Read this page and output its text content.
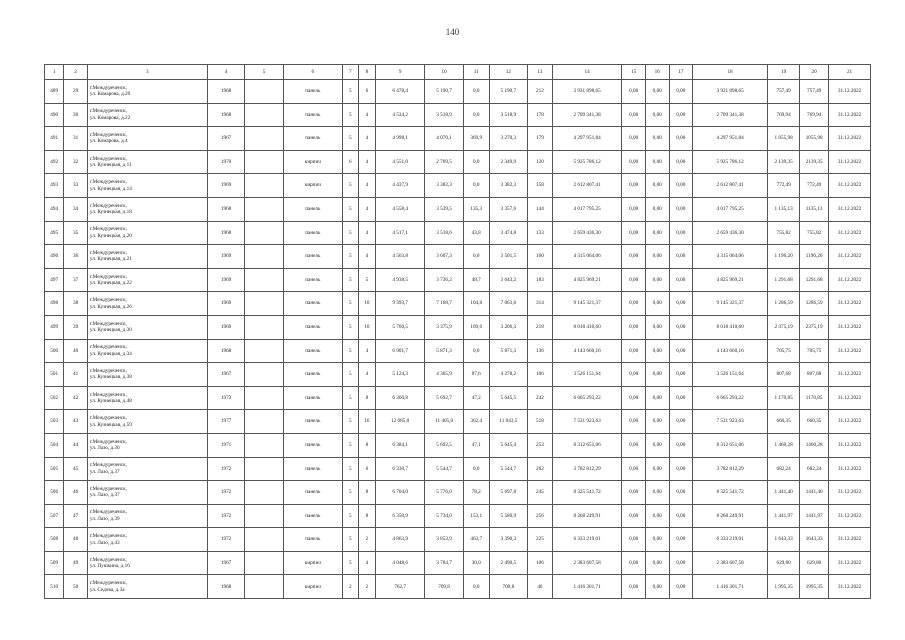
140
1	2	3	4	5	6	7	8	9	10	11	12	13	14	15	16	17	18	19	20	21
489	29	г.Междуреченск,
ул. Комарова, д.20	1968		панель	5	6	6 478,4	5 190,7	0,0	5 190,7	212	3 931 898,65	0,00	0,00	0,00	3 931 898,65	757,49	757,49	31.12.2022
490	30	г.Междуреченск,
ул. Комарова, д.22	1968		панель	5	4	4 534,2	3 518,9	0,0	3 518,9	178	2 709 341,38	0,00	0,00	0,00	2 709 341,38	769,94	769,94	31.12.2022
491	31	г.Междуреченск,
ул. Комарова, д.4	1967		панель	5	4	4 998,1	4 070,1	369,9	3 270,3	179	4 297 951,84	0,00	0,00	0,00	4 297 951,84	1 055,98	1055,98	31.12.2022
492	32	г.Междуреченск,
ул. Кузнецкая, д.11	1970		кирпич	6	4	4 551,0	2 769,5	0,0	2 349,9	120	5 925 786,12	0,00	0,00	0,00	5 925 786,12	2 139,35	2139,35	31.12.2022
493	33	г.Междуреченск,
ул. Кузнецкая, д.14	1969		кирпич	5	4	4 437,9	3 382,3	0,0	3 382,3	158	2 612 807,41	0,00	0,00	0,00	2 612 807,41	772,49	772,49	31.12.2022
494	34	г.Междуреченск,
ул. Кузнецкая, д.18	1968		панель	5	4	4 558,4	3 539,5	135,3	3 357,6	144	4 017 795,25	0,00	0,00	0,00	4 017 795,25	1 135,13	1135,13	31.12.2022
495	35	г.Междуреченск,
ул. Кузнецкая, д.20	1968		панель	5	4	4 517,1	3 518,6	43,8	3 474,8	133	2 659 436,30	0,00	0,00	0,00	2 659 436,30	755,82	755,82	31.12.2022
496	36	г.Междуреченск,
ул. Кузнецкая, д.21	1969		панель	5	4	4 563,8	3 607,3	0,0	3 501,5	160	4 315 064,06	0,00	0,00	0,00	4 315 064,06	1 196,20	1196,20	31.12.2022
497	37	г.Междуреченск,
ул. Кузнецкая, д.22	1969		панель	5	5	4 938,5	3 736,2	48,7	3 643,2	183	4 825 969,21	0,00	0,00	0,00	4 825 969,21	1 291,68	1291,68	31.12.2022
498	38	г.Междуреченск,
ул. Кузнецкая, д.26	1969		панель	5	10	9 393,7	7 168,7	104,8	7 063,6	314	9 145 321,37	0,00	0,00	0,00	9 145 321,37	1 286,59	1286,59	31.12.2022
499	39	г.Междуреченск,
ул. Кузнецкая, д.30	1969		панель	5	10	5 760,5	3 375,9	169,6	3 206,3	218	8 018 410,60	0,00	0,00	0,00	8 018 410,60	2 375,19	2375,19	31.12.2022
500	40	г.Междуреченск,
ул. Кузнецкая, д.34	1968		панель	5	4	6 901,7	5 871,3	0,0	5 871,3	136	4 143 660,16	0,00	0,00	0,00	4 143 660,16	705,75	705,75	31.12.2022
501	41	г.Междуреченск,
ул. Кузнецкая, д.38	1967		панель	5	4	5 124,3	4 365,9	87,6	4 278,2	106	3 526 151,64	0,00	0,00	0,00	3 526 151,64	807,68	807,68	31.12.2022
502	42	г.Междуреченск,
ул. Кузнецкая, д.48	1973		панель	5	8	6 360,8	5 692,7	47,2	5 645,5	242	6 665 293,22	0,00	0,00	0,00	6 665 293,22	1 170,85	1170,85	31.12.2022
503	43	г.Междуреченск,
ул. Кузнецкая, д.59	1977		панель	5	16	12 685,0	11 405,0	362,4	11 043,5	518	7 531 923,63	0,00	0,00	0,00	7 531 923,63	660,35	660,35	31.12.2022
504	44	г.Междуреченск,
ул. Лазо, д.30	1971		панель	5	8	6 384,1	5 692,5	47,1	5 645,4	253	8 312 651,06	0,00	0,00	0,00	8 312 651,06	1 460,28	1460,28	31.12.2022
505	45	г.Междуреченск,
ул. Лазо, д.37	1972		панель	5	6	6 330,7	5 544,7	0,0	5 544,7	262	3 782 812,29	0,00	0,00	0,00	3 782 812,29	682,24	682,24	31.12.2022
506	46	г.Междуреченск,
ул. Лазо, д.37	1972		панель	5	8	6 704,0	5 776,0	78,2	5 697,8	245	8 325 541,72	0,00	0,00	0,00	8 325 541,72	1 441,40	1441,40	31.12.2022
507	47	г.Междуреченск,
ул. Лазо, д.39	1972		панель	5	8	6 350,9	5 734,0	153,1	5 580,9	256	8 268 249,91	0,00	0,00	0,00	8 268 249,91	1 441,97	1441,97	31.12.2022
508	48	г.Междуреченск,
ул. Лазо, д.43	1972		панель	5	2	4 863,9	3 853,9	463,7	3 390,3	225	6 333 219,01	0,00	0,00	0,00	6 333 219,01	1 643,33	1643,33	31.12.2022
509	49	г.Междуреченск,
ул. Пушкина, д.16	1967		кирпич	5	4	4 048,6	3 784,7	30,0	2 490,5	106	2 383 607,58	0,00	0,00	0,00	2 383 607,58	629,80	629,80	31.12.2022
510	50	г.Междуреченск,
ул. Седова, д.3а	1968		кирпич	2	2	762,7	709,8	0,0	709,8	46	1 416 301,71	0,00	0,00	0,00	1 416 301,71	1 995,35	1995,35	31.12.2022
